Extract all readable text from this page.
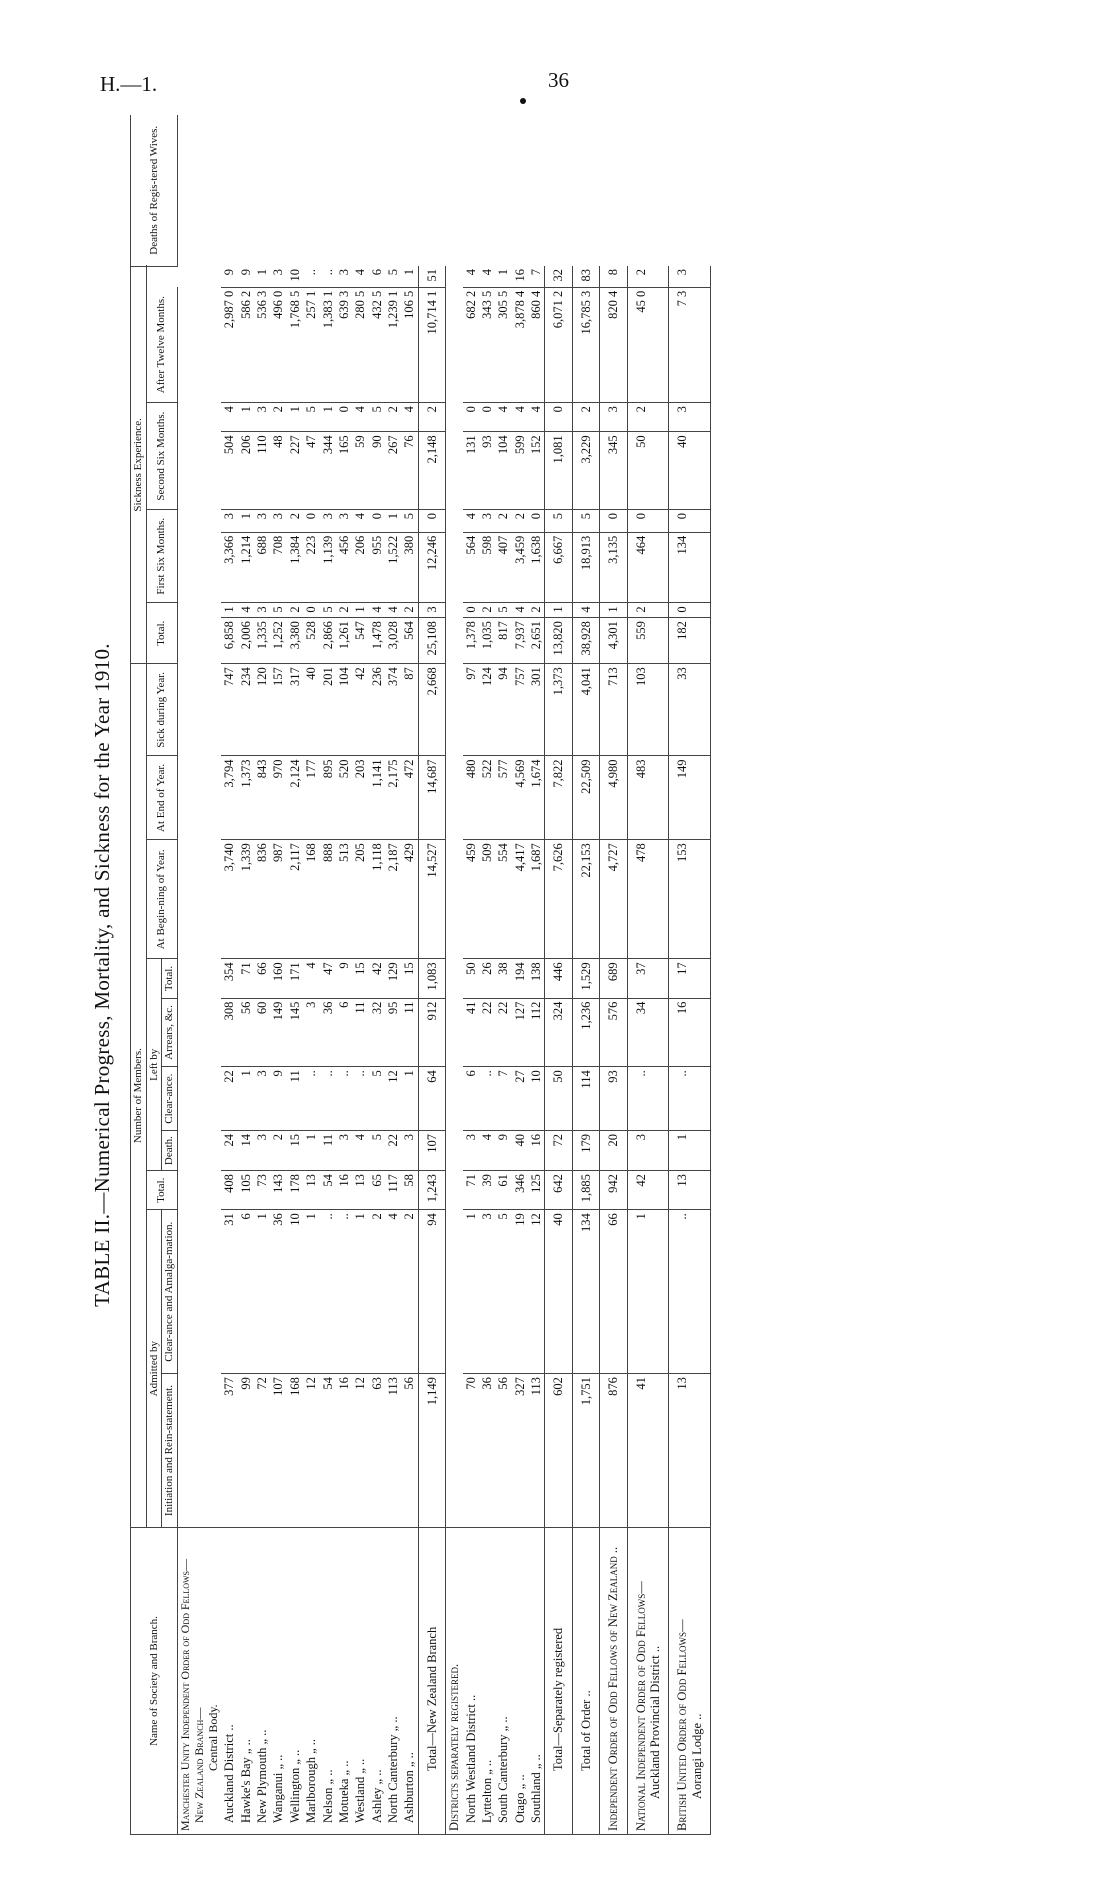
H.—1.	36
TABLE II.—Numerical Progress, Mortality, and Sickness for the Year 1910.
Name of Society and Branch.	Number of Members.										Sickness Experience.								Deaths of Regis-tered Wives.
	Admitted by		Total.	Left by				At Begin-ning of Year.	At End of Year.	Sick during Year.	Total.		First Six Months.		Second Six Months.		After Twelve Months.		
	Initiation and Rein-statement.	Clear-ance and Amalga-mation.		Death.	Clear-ance.	Arrears, &c.	Total.												

Manchester Unity Independent Order of Odd Fellows— New Zealand Branch— Central Body.																			

Auckland District ..	377	31	408	24	22	308	354	3,740	3,794	747	6,858	1	3,366	3	504	4	2,987 0	9	

Hawke's Bay „ ..	99	6	105	14	1	56	71	1,339	1,373	234	2,006	4	1,214	1	206	1	586 2	9	

New Plymouth „ ..	72	1	73	3	3	60	66	836	843	120	1,335	3	688	3	110	3	536 3	1	

Wanganui „ ..	107	36	143	2	9	149	160	987	970	157	1,252	5	708	3	48	2	496 0	3	

Wellington „ ..	168	10	178	15	11	145	171	2,117	2,124	317	3,380	2	1,384	2	227	1	1,768 5	10	

Marlborough „ ..	12	1	13	1	..	3	4	168	177	40	528	0	223	0	47	5	257 1	..	

Nelson „ ..	54	..	54	11	..	36	47	888	895	201	2,866	5	1,139	3	344	1	1,383 1	..	

Motueka „ ..	16	..	16	3	..	6	9	513	520	104	1,261	2	456	3	165	0	639 3	3	

Westland „ ..	12	1	13	4	..	11	15	205	203	42	547	1	206	4	59	4	280 5	4	

Ashley „ ..	63	2	65	5	5	32	42	1,118	1,141	236	1,478	4	955	0	90	5	432 5	6	

North Canterbury „ ..	113	4	117	22	12	95	129	2,187	2,175	374	3,028	4	1,522	1	267	2	1,239 1	5	

Ashburton „ ..	56	2	58	3	1	11	15	429	472	87	564	2	380	5	76	4	106 5	1	

Total—New Zealand Branch	1,149	94	1,243	107	64	912	1,083	14,527	14,687	2,668	25,108	3	12,246	0	2,148	2	10,714 1	51	
Districts separately registered.																			

North Westland District ..	70	1	71	3	6	41	50	459	480	97	1,378	0	564	4	131	0	682 2	4	

Lyttelton „ ..	36	3	39	4	..	22	26	509	522	124	1,035	2	598	3	93	0	343 5	4	

South Canterbury „ ..	56	5	61	9	7	22	38	554	577	94	817	5	407	2	104	4	305 5	1	

Otago „ ..	327	19	346	40	27	127	194	4,417	4,569	757	7,937	4	3,459	2	599	4	3,878 4	16	

Southland „ ..	113	12	125	16	10	112	138	1,687	1,674	301	2,651	2	1,638	0	152	4	860 4	7	

Total—Separately registered	602	40	642	72	50	324	446	7,626	7,822	1,373	13,820	1	6,667	5	1,081	0	6,071 2	32	

Total of Order ..	1,751	134	1,885	179	114	1,236	1,529	22,153	22,509	4,041	38,928	4	18,913	5	3,229	2	16,785 3	83	

Independent Order of Odd Fellows of New Zealand ..	876	66	942	20	93	576	689	4,727	4,980	713	4,301	1	3,135	0	345	3	820 4	8	

National Independent Order of Odd Fellows— Auckland Provincial District ..	41	1	42	3	..	34	37	478	483	103	559	2	464	0	50	2	45 0	2	

British United Order of Odd Fellows— Aorangi Lodge ..	13	..	13	1	..	16	17	153	149	33	182	0	134	0	40	3	7 3	3	
